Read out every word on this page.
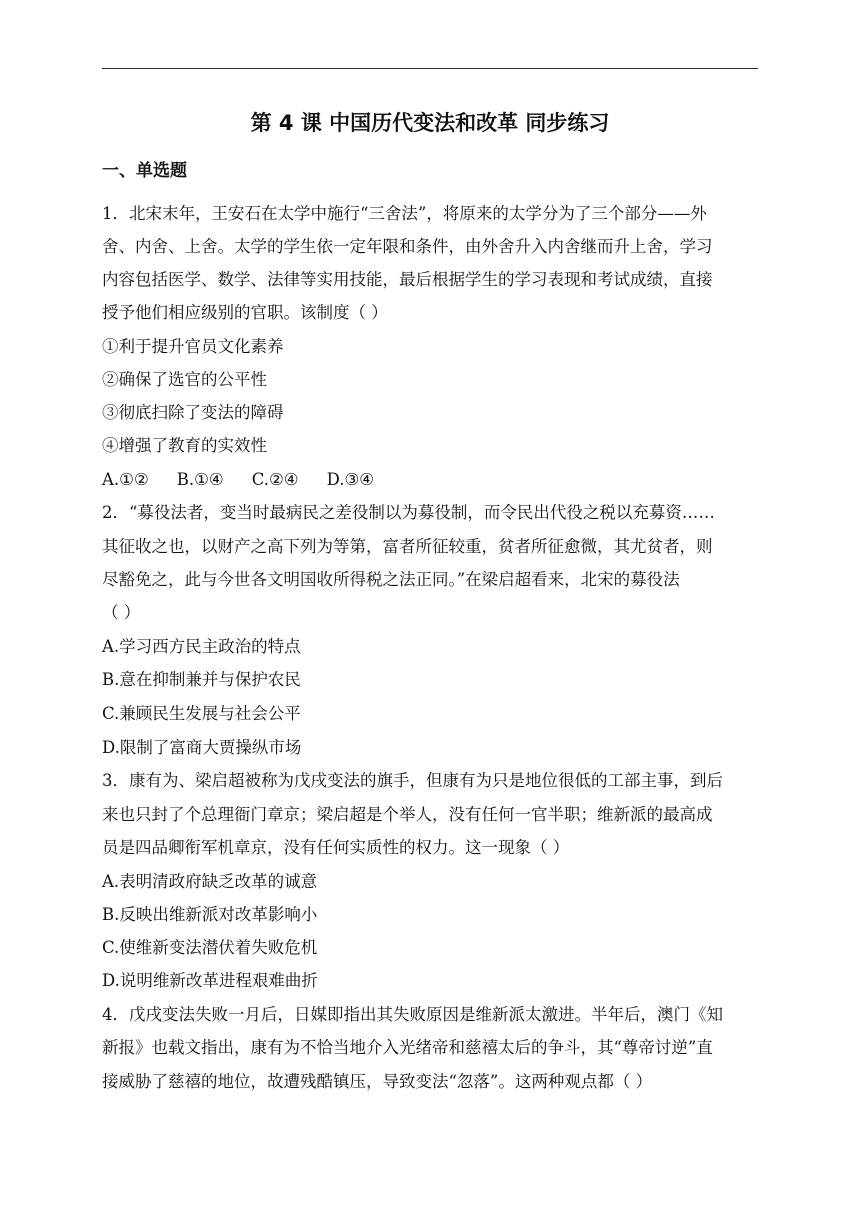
第 4 课 中国历代变法和改革 同步练习
一、单选题
1．北宋末年，王安石在太学中施行“三舍法”，将原来的太学分为了三个部分——外
舍、内舍、上舍。太学的学生依一定年限和条件，由外舍升入内舍继而升上舍，学习
内容包括医学、数学、法律等实用技能，最后根据学生的学习表现和考试成绩，直接
授予他们相应级别的官职。该制度（ ）
①利于提升官员文化素养
②确保了选官的公平性
③彻底扫除了变法的障碍
④增强了教育的实效性
A.①② B.①④ C.②④ D.③④
2．“募役法者，变当时最病民之差役制以为募役制，而令民出代役之税以充募资……
其征收之也，以财产之高下列为等第，富者所征较重，贫者所征愈微，其尤贫者，则
尽豁免之，此与今世各文明国收所得税之法正同。”在梁启超看来，北宋的募役法
（ ）
A.学习西方民主政治的特点
B.意在抑制兼并与保护农民
C.兼顾民生发展与社会公平
D.限制了富商大贾操纵市场
3．康有为、梁启超被称为戊戌变法的旗手，但康有为只是地位很低的工部主事，到后
来也只封了个总理衙门章京；梁启超是个举人，没有任何一官半职；维新派的最高成
员是四品卿衔军机章京，没有任何实质性的权力。这一现象（ ）
A.表明清政府缺乏改革的诚意
B.反映出维新派对改革影响小
C.使维新变法潜伏着失败危机
D.说明维新改革进程艰难曲折
4．戊戌变法失败一月后，日媒即指出其失败原因是维新派太激进。半年后，澳门《知
新报》也载文指出，康有为不恰当地介入光绪帝和慈禧太后的争斗，其“尊帝讨逆”直
接威胁了慈禧的地位，故遭残酷镇压，导致变法“忽落”。这两种观点都（ ）
